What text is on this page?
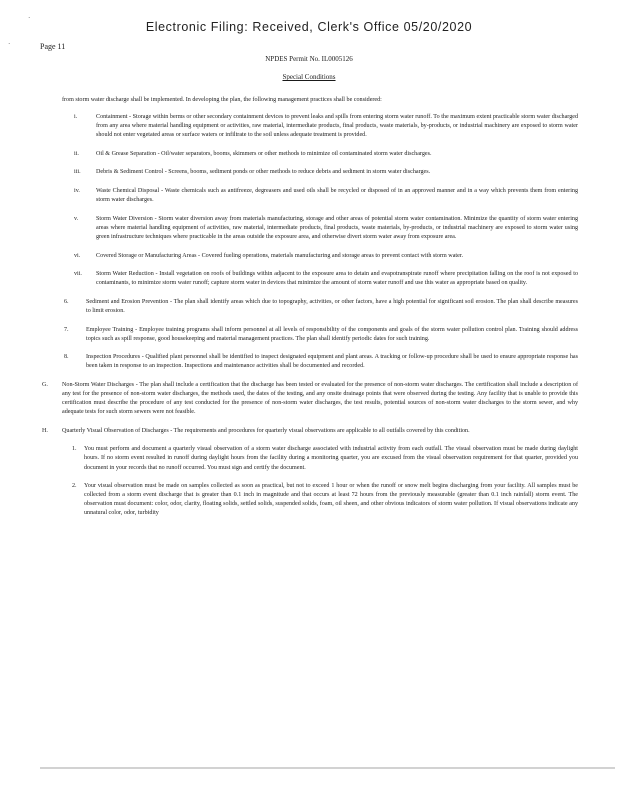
·
·
Electronic Filing: Received, Clerk's Office 05/20/2020
Page 11
NPDES Permit No. IL0005126
Special Conditions

from storm water discharge shall be implemented. In developing the plan, the following management practices shall be considered:

i.	Containment - Storage within berms or other secondary containment devices to prevent leaks and spills from entering storm water runoff. To the maximum extent practicable storm water discharged from any area where material handling equipment or activities, raw material, intermediate products, final products, waste materials, by-products, or industrial machinery are exposed to storm water should not enter vegetated areas or surface waters or infiltrate to the soil unless adequate treatment is provided.
ii.	Oil & Grease Separation - Oil/water separators, booms, skimmers or other methods to minimize oil contaminated storm water discharges.
iii.	Debris & Sediment Control - Screens, booms, sediment ponds or other methods to reduce debris and sediment in storm water discharges.
iv.	Waste Chemical Disposal - Waste chemicals such as antifreeze, degreasers and used oils shall be recycled or disposed of in an approved manner and in a way which prevents them from entering storm water discharges.
v.	Storm Water Diversion - Storm water diversion away from materials manufacturing, storage and other areas of potential storm water contamination. Minimize the quantity of storm water entering areas where material handling equipment of activities, raw material, intermediate products, final products, waste materials, by-products, or industrial machinery are exposed to storm water using green infrastructure techniques where practicable in the areas outside the exposure area, and otherwise divert storm water away from exposure area.
vi.	Covered Storage or Manufacturing Areas - Covered fueling operations, materials manufacturing and storage areas to prevent contact with storm water.
vii. Storm Water Reduction - Install vegetation on roofs of buildings within adjacent to the exposure area to detain and evapotranspirate runoff where precipitation falling on the roof is not exposed to contaminants, to minimize storm water runoff; capture storm water in devices that minimize the amount of storm water runoff and use this water as appropriate based on quality.
6.	Sediment and Erosion Prevention - The plan shall identify areas which due to topography, activities, or other factors, have a high potential for significant soil erosion. The plan shall describe measures to limit erosion.
7.	Employee Training - Employee training programs shall inform personnel at all levels of responsibility of the components and goals of the storm water pollution control plan. Training should address topics such as spill response, good housekeeping and material management practices. The plan shall identify periodic dates for such training.
8.	Inspection Procedures - Qualified plant personnel shall be identified to inspect designated equipment and plant areas. A tracking or follow-up procedure shall be used to ensure appropriate response has been taken in response to an inspection. Inspections and maintenance activities shall be documented and recorded.
G. Non-Storm Water Discharges - The plan shall include a certification that the discharge has been tested or evaluated for the presence of non-storm water discharges. The certification shall include a description of any test for the presence of non-storm water discharges, the methods used, the dates of the testing, and any onsite drainage points that were observed during the testing. Any facility that is unable to provide this certification must describe the procedure of any test conducted for the presence of non-storm water discharges, the test results, potential sources of non-storm water discharges to the storm sewer, and why adequate tests for such storm sewers were not feasible.
H. Quarterly Visual Observation of Discharges - The requirements and procedures for quarterly visual observations are applicable to all outfalls covered by this condition.
1. You must perform and document a quarterly visual observation of a storm water discharge associated with industrial activity from each outfall. The visual observation must be made during daylight hours. If no storm event resulted in runoff during daylight hours from the facility during a monitoring quarter, you are excused from the visual observation requirement for that quarter, provided you document in your records that no runoff occurred. You must sign and certify the document.
2. Your visual observation must be made on samples collected as soon as practical, but not to exceed 1 hour or when the runoff or snow melt begins discharging from your facility. All samples must be collected from a storm event discharge that is greater than 0.1 inch in magnitude and that occurs at least 72 hours from the previously measurable (greater than 0.1 inch rainfall) storm event. The observation must document: color, odor, clarity, floating solids, settled solids, suspended solids, foam, oil sheen, and other obvious indicators of storm water pollution. If visual observations indicate any unnatural color, odor, turbidity
